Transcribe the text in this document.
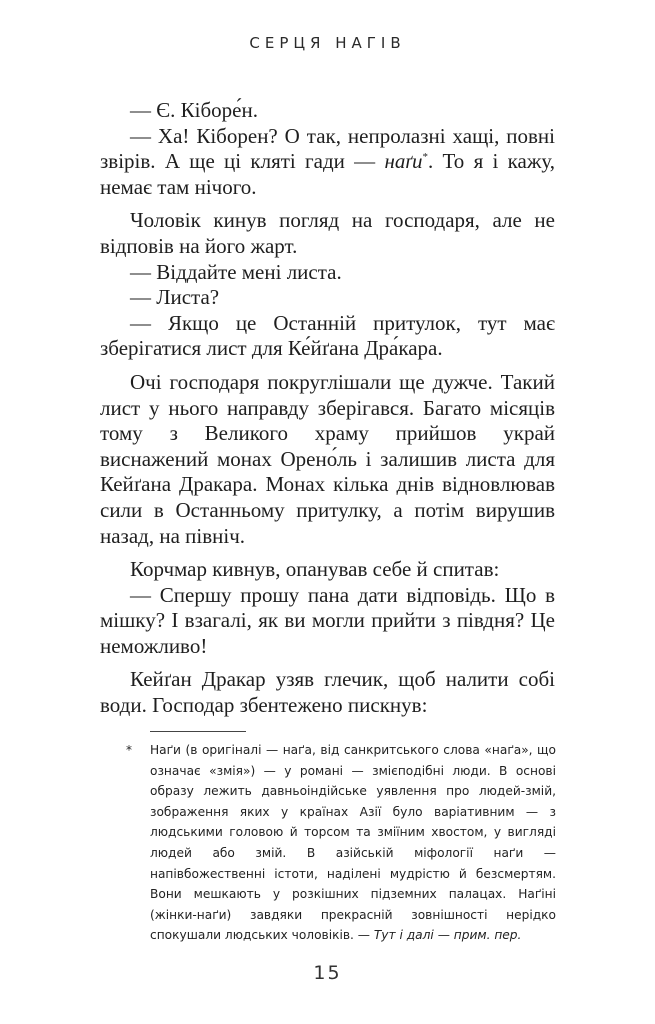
СЕРЦЯ НАГІВ

— Є. Кіборе́н.

— Ха! Кіборен? О так, непролазні хащі, повні звірів. А ще ці кляті гади — наґи*. То я і кажу, немає там нічого.

Чоловік кинув погляд на господаря, але не відповів на його жарт.

— Віддайте мені листа.

— Листа?

— Якщо це Останній притулок, тут має зберігатися лист для Ке́йґана Дра́кара.

Очі господаря покруглішали ще дужче. Такий лист у нього направду зберігався. Багато місяців тому з Великого храму прийшов украй виснажений монах Орено́ль і залишив листа для Кейґана Дракара. Монах кілька днів відновлював сили в Останньому притулку, а потім вирушив назад, на північ.

Корчмар кивнув, опанував себе й спитав:

— Спершу прошу пана дати відповідь. Що в мішку? І взагалі, як ви могли прийти з півдня? Це неможливо!

Кейґан Дракар узяв глечик, щоб налити собі води. Господар збентежено пискнув:

* Наґи (в оригіналі — наґа, від санкритського слова «наґа», що означає «змія») — у романі — змієподібні люди. В основі образу лежить давньоіндійське уявлення про людей-змій, зображення яких у країнах Азії було варіативним — з людськими головою й торсом та зміїним хвостом, у вигляді людей або змій. В азійській міфології наґи — напівбожественні істоти, наділені мудрістю й безсмертям. Вони мешкають у розкішних підземних палацах. Наґіні (жінки-наґи) завдяки прекрасній зовнішності нерідко спокушали людських чоловіків. — Тут і далі — прим. пер.
15
